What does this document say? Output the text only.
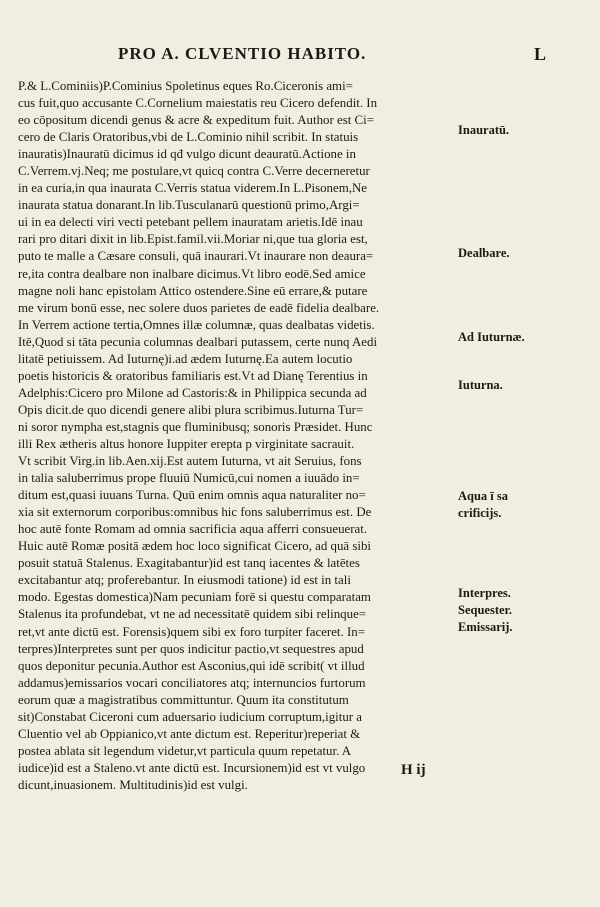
PRO A. CLVENTIO HABITO.	L
P.& L.Cominiis)P.Cominius Spoletinus eques Ro.Ciceronis ami=
cus fuit,quo accusante C.Cornelium maiestatis reu Cicero defendit. In
eo cōpositum dicendi genus & acre & expeditum fuit. Author est Ci=
cero de Claris Oratoribus,vbi de L.Cominio nihil scribit. In statuis
inauratis)Inauratū dicimus id qđ vulgo dicunt deauratū.Actione in
C.Verrem.vj.Neq; me postulare,vt quicq contra C.Verre decerneretur
in ea curia,in qua inaurata C.Verris statua viderem.In L.Pisonem,Ne
inaurata statua donarant.In lib.Tusculanarū questionū primo,Argi=
ui in ea delecti viri vecti petebant pellem inauratam arietis.Idē inau
rari pro ditari dixit in lib.Epist.famil.vii.Moriar ni,que tua gloria est,
puto te malle a Cæsare consuli, quā inaurari.Vt inaurare non deaura=
re,ita contra dealbare non inalbare dicimus.Vt libro eodē.Sed amice
magne noli hanc epistolam Attico ostendere.Sine eū errare,& putare
me virum bonū esse, nec solere duos parietes de eadē fidelia dealbare.
In Verrem actione tertia,Omnes illæ columnæ, quas dealbatas videtis.
Itē,Quod si tāta pecunia columnas dealbari putassem, certe nunq Aedi
litatē petiuissem. Ad Iuturnę)i.ad ædem Iuturnę.Ea autem locutio
poetis historicis & oratoribus familiaris est.Vt ad Dianę Terentius in
Adelphis:Cicero pro Milone ad Castoris:& in Philippica secunda ad
Opis dicit.de quo dicendi genere alibi plura scribimus.Iuturna Tur=
ni soror nympha est,stagnis que fluminibusq; sonoris Præsidet. Hunc
illi Rex ætheris altus honore Iuppiter erepta p virginitate sacrauit.
Vt scribit Virg.in lib.Aen.xij.Est autem Iuturna, vt ait Seruius, fons
in talia saluberrimus prope fluuiū Numicū,cui nomen a iuuādo in=
ditum est,quasi iuuans Turna. Quū enim omnis aqua naturaliter no=
xia sit externorum corporibus:omnibus hic fons saluberrimus est. De
hoc autē fonte Romam ad omnia sacrificia aqua afferri consueuerat.
Huic autē Romæ positā ædem hoc loco significat Cicero, ad quā sibi
posuit statuā Stalenus. Exagitabantur)id est tanq iacentes & latētes
excitabantur atq; proferebantur. In eiusmodi tatione) id est in tali
modo. Egestas domestica)Nam pecuniam forē si questu comparatam
Stalenus ita profundebat, vt ne ad necessitatē quidem sibi relinque=
ret,vt ante dictū est. Forensis)quem sibi ex foro turpiter faceret. In=
terpres)Interpretes sunt per quos indicitur pactio,vt sequestres apud
quos deponitur pecunia.Author est Asconius,qui idē scribit( vt illud
addamus)emissarios vocari conciliatores atq; internuncios furtorum
eorum quæ a magistratibus committuntur. Quum ita constitutum
sit)Constabat Ciceroni cum aduersario iudicium corruptum,igitur a
Cluentio vel ab Oppianico,vt ante dictum est. Reperitur)reperiat &
postea ablata sit legendum videtur,vt particula quum repetatur. A
iudice)id est a Staleno.vt ante dictū est. Incursionem)id est vt vulgo
dicunt,inuasionem. Multitudinis)id est vulgi.
Inauratū.
Dealbare.
Ad Iuturnæ.
Iuturna.
Aqua ī sa
crificijs.
Interpres.
Sequester.
Emissarij.
H ij
